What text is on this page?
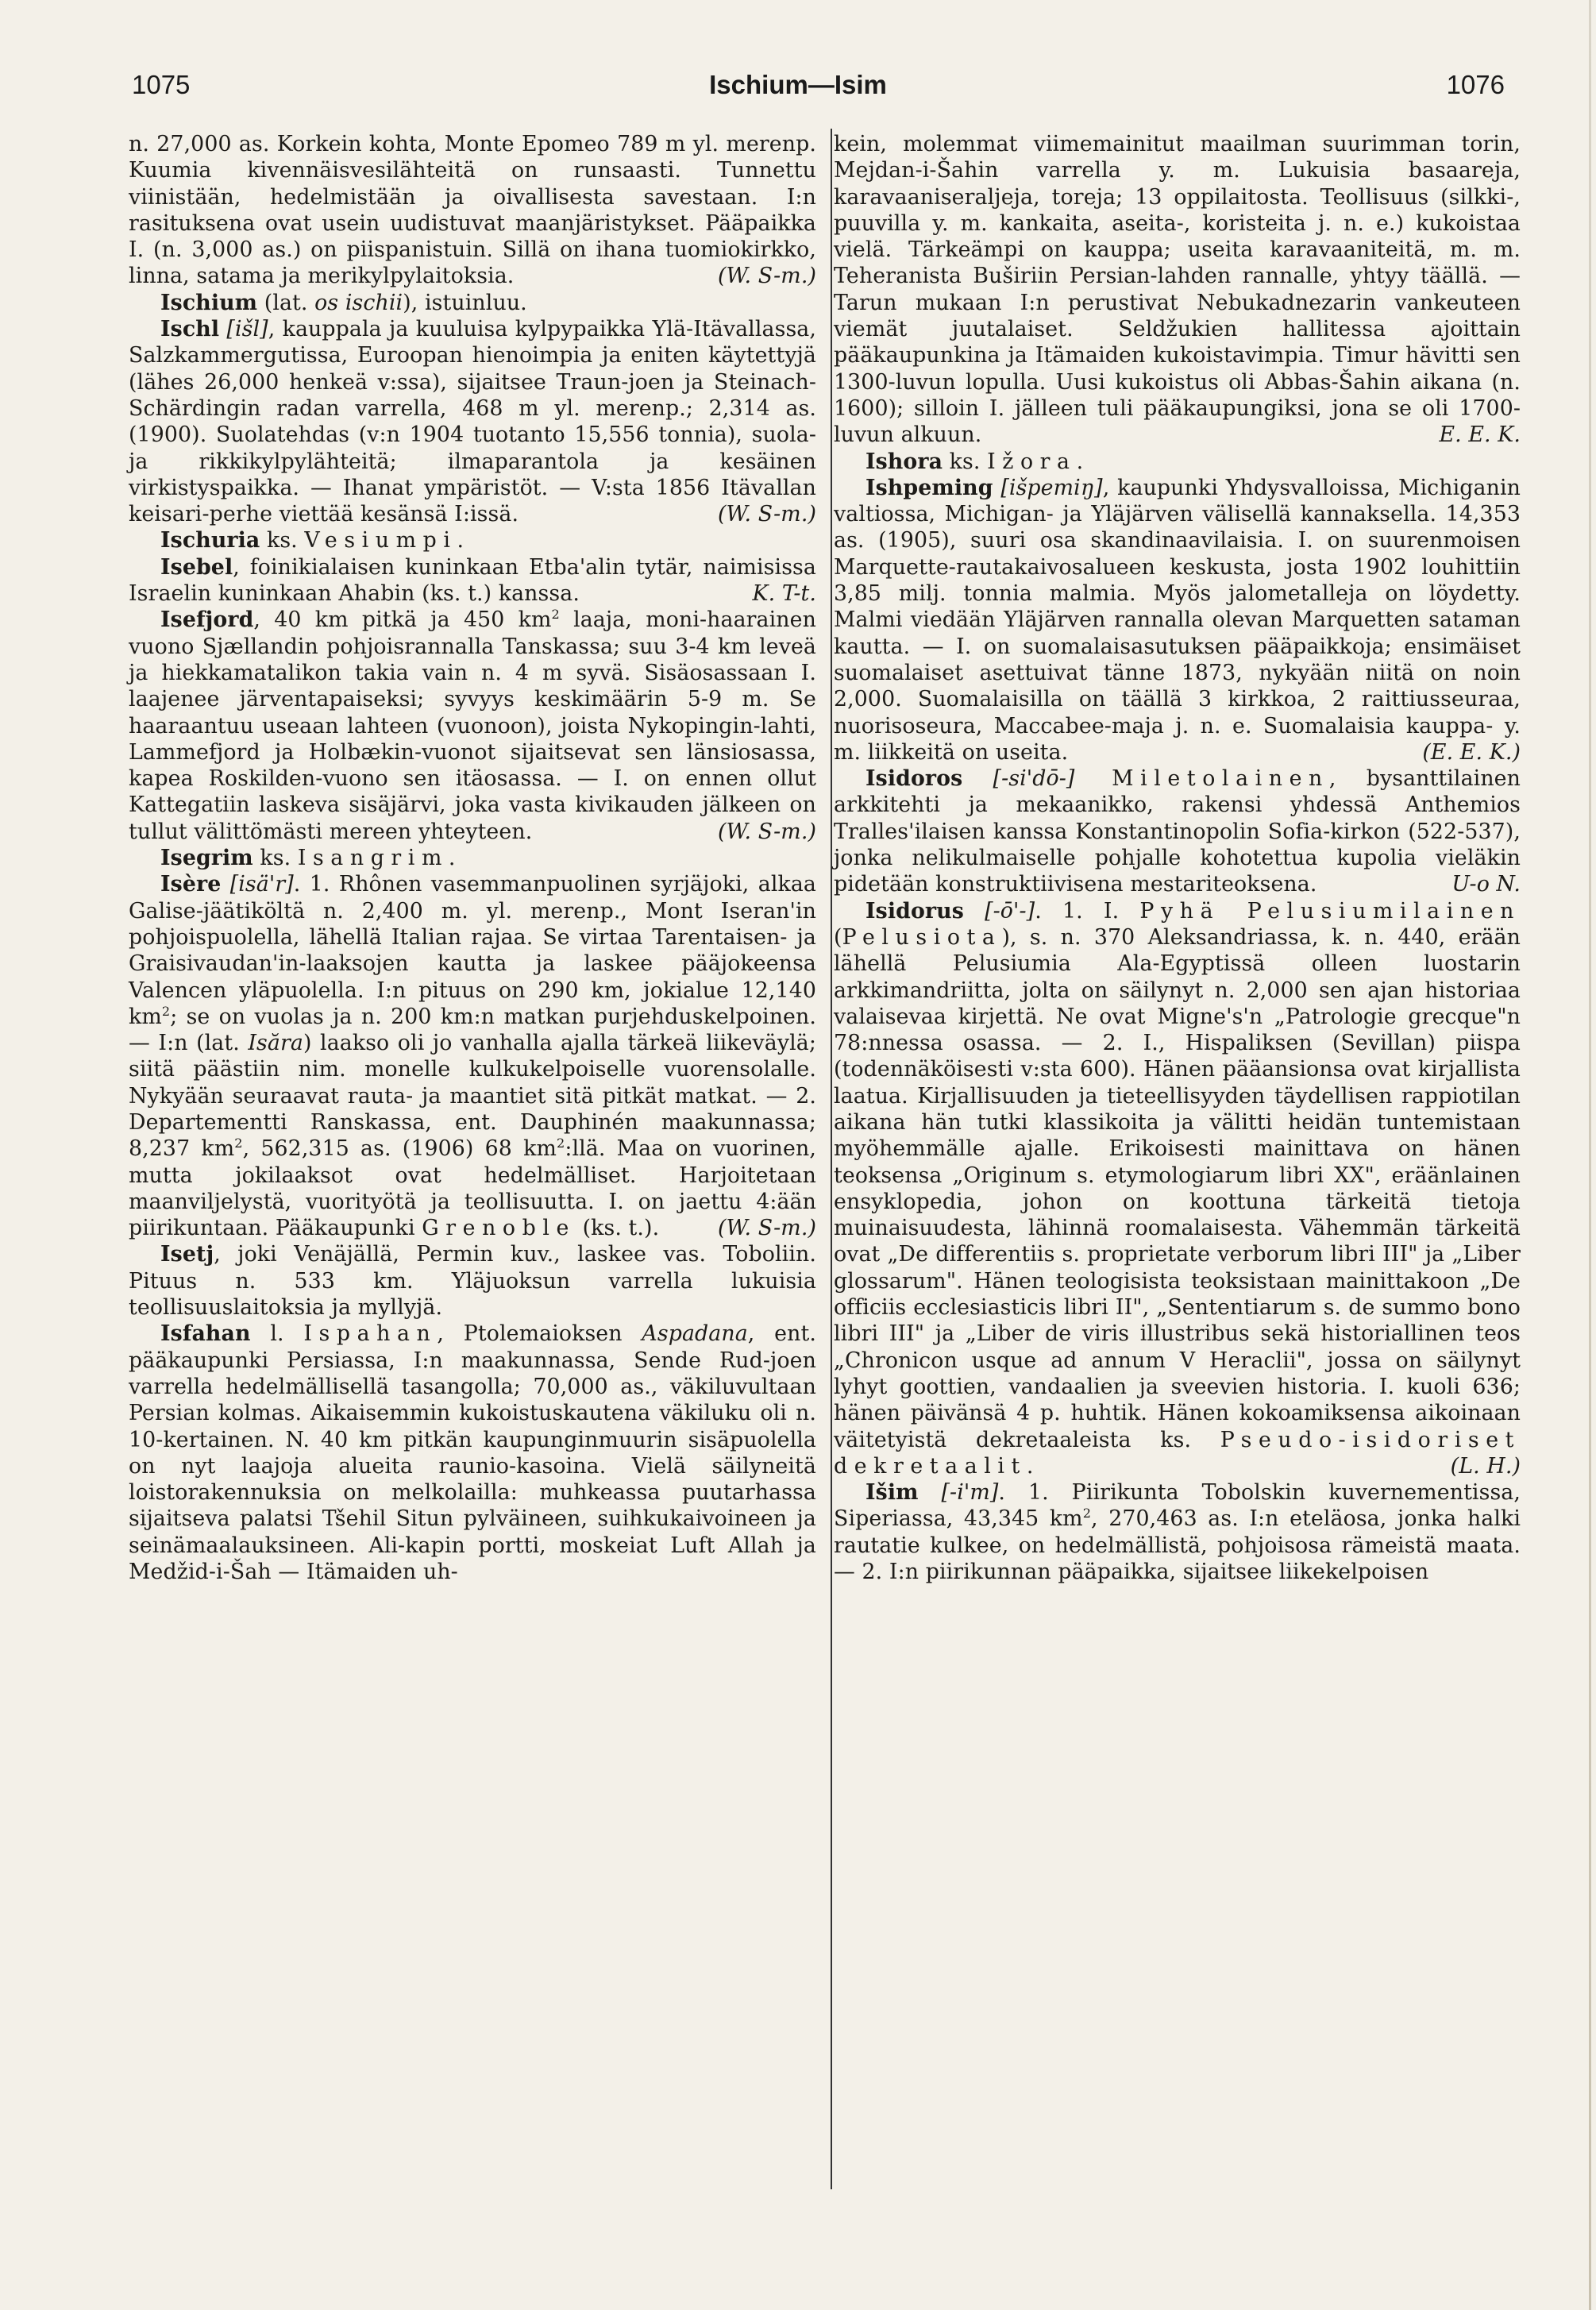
1075	Ischium—Isim	1076

n. 27,000 as. Korkein kohta, Monte Epomeo 789 m yl. merenp. Kuumia kivennäisvesilähteitä on runsaasti. Tunnettu viinistään, hedelmistään ja oivallisesta savestaan. I:n rasituksena ovat usein uudistuvat maanjäristykset. Pääpaikka I. (n. 3,000 as.) on piispanistuin. Sillä on ihana tuomiokirkko, linna, satama ja merikylpylaitoksia.	(W. S-m.)

Ischium (lat. os ischii), istuinluu.

Ischl [išl], kauppala ja kuuluisa kylpypaikka Ylä-Itävallassa, Salzkammergutissa, Euroopan hienoimpia ja eniten käytettyjä (lähes 26,000 henkeä v:ssa), sijaitsee Traun-joen ja Steinach-Schärdingin radan varrella, 468 m yl. merenp.; 2,314 as. (1900). Suolatehdas (v:n 1904 tuotanto 15,556 tonnia), suola- ja rikkikylpylähteitä; ilmaparantola ja kesäinen virkistyspaikka. — Ihanat ympäristöt. — V:sta 1856 Itävallan keisari-perhe viettää kesänsä I:issä.	(W. S-m.)

Ischuria ks. Vesiumpi.

Isebel, foinikialaisen kuninkaan Etba'alin tytär, naimisissa Israelin kuninkaan Ahabin (ks. t.) kanssa.	K. T-t.

Isefjord, 40 km pitkä ja 450 $km^2$ laaja, moni-haarainen vuono Sjællandin pohjoisrannalla Tanskassa; suu 3-4 km leveä ja hiekkamatalikon takia vain n. 4 m syvä. Sisäosassaan I. laajenee järventapaiseksi; syvyys keskimäärin 5-9 m. Se haaraantuu useaan lahteen (vuonoon), joista Nykopingin-lahti, Lammefjord ja Holbækin-vuonot sijaitsevat sen länsiosassa, kapea Roskilden-vuono sen itäosassa. — I. on ennen ollut Kattegatiin laskeva sisäjärvi, joka vasta kivikauden jälkeen on tullut välittömästi mereen yhteyteen.	(W. S-m.)

Isegrim ks. Isangrim.

Isère [isä'r]. 1. Rhônen vasemmanpuolinen syrjäjoki, alkaa Galise-jäätiköltä n. 2,400 m. yl. merenp., Mont Iseran'in pohjoispuolella, lähellä Italian rajaa. Se virtaa Tarentaisen- ja Graisivaudan'in-laaksojen kautta ja laskee pääjokeensa Valencen yläpuolella. I:n pituus on 290 km, jokialue 12,140 $km^2$; se on vuolas ja n. 200 km:n matkan purjehduskelpoinen. — I:n (lat. Isăra) laakso oli jo vanhalla ajalla tärkeä liikeväylä; siitä päästiin nim. monelle kulkukelpoiselle vuorensolalle. Nykyään seuraavat rauta- ja maantiet sitä pitkät matkat. — 2. Departementti Ranskassa, ent. Dauphinén maakunnassa; 8,237 $km^2$, 562,315 as. (1906) 68 $km^2:llä$. Maa on vuorinen, mutta jokilaaksot ovat hedelmälliset. Harjoitetaan maanviljelystä, vuorityötä ja teollisuutta. I. on jaettu 4:ään piirikuntaan. Pääkaupunki Grenoble (ks. t.).	(W. S-m.)

Isetj, joki Venäjällä, Permin kuv., laskee vas. Toboliin. Pituus n. 533 km. Yläjuoksun varrella lukuisia teollisuuslaitoksia ja myllyjä.

Isfahan l. Ispahan, Ptolemaioksen Aspadana, ent. pääkaupunki Persiassa, I:n maakunnassa, Sende Rud-joen varrella hedelmällisellä tasangolla; 70,000 as., väkiluvultaan Persian kolmas. Aikaisemmin kukoistuskautena väkiluku oli n. 10-kertainen. N. 40 km pitkän kaupunginmuurin sisäpuolella on nyt laajoja alueita raunio-kasoina. Vielä säilyneitä loistorakennuksia on melkolailla: muhkeassa puutarhassa sijaitseva palatsi Tšehil Situn pylväineen, suihkukaivoineen ja seinämaalauksineen. Ali-kapin portti, moskeiat Luft Allah ja Medžid-i-Šah — Itämaiden uh-

kein, molemmat viimemainitut maailman suurimman torin, Mejdan-i-Šahin varrella y. m. Lukuisia basaareja, karavaaniseraljeja, toreja; 13 oppilaitosta. Teollisuus (silkki-, puuvilla y. m. kankaita, aseita-, koristeita j. n. e.) kukoistaa vielä. Tärkeämpi on kauppa; useita karavaaniteitä, m. m. Teheranista Buširiin Persian-lahden rannalle, yhtyy täällä. — Tarun mukaan I:n perustivat Nebukadnezarin vankeuteen viemät juutalaiset. Seldžukien hallitessa ajoittain pääkaupunkina ja Itämaiden kukoistavimpia. Timur hävitti sen 1300-luvun lopulla. Uusi kukoistus oli Abbas-Šahin aikana (n. 1600); silloin I. jälleen tuli pääkaupungiksi, jona se oli 1700-luvun alkuun.	E. E. K.

Ishora ks. Ižora.

Ishpeming [išpemiŋ], kaupunki Yhdysvalloissa, Michiganin valtiossa, Michigan- ja Yläjärven välisellä kannaksella. 14,353 as. (1905), suuri osa skandinaavilaisia. I. on suurenmoisen Marquette-rautakaivosalueen keskusta, josta 1902 louhittiin 3,85 milj. tonnia malmia. Myös jalometalleja on löydetty. Malmi viedään Yläjärven rannalla olevan Marquetten sataman kautta. — I. on suomalaisasutuksen pääpaikkoja; ensimäiset suomalaiset asettuivat tänne 1873, nykyään niitä on noin 2,000. Suomalaisilla on täällä 3 kirkkoa, 2 raittiusseuraa, nuorisoseura, Maccabee-maja j. n. e. Suomalaisia kauppa- y. m. liikkeitä on useita.	(E. E. K.)

Isidoros [-si'dō-] Miletolainen, bysanttilainen arkkitehti ja mekaanikko, rakensi yhdessä Anthemios Tralles'ilaisen kanssa Konstantinopolin Sofia-kirkon (522-537), jonka nelikulmaiselle pohjalle kohotettua kupolia vieläkin pidetään konstruktiivisena mestariteoksena.	U-o N.

Isidorus [-ō'-]. 1. I. Pyhä Pelusiumilainen (Pelusiota), s. n. 370 Aleksandriassa, k. n. 440, erään lähellä Pelusiumia Ala-Egyptissä olleen luostarin arkkimandriitta, jolta on säilynyt n. 2,000 sen ajan historiaa valaisevaa kirjettä. Ne ovat Migne's'n „Patrologie grecque"n 78:nnessa osassa. — 2. I., Hispaliksen (Sevillan) piispa (todennäköisesti v:sta 600). Hänen pääansionsa ovat kirjallista laatua. Kirjallisuuden ja tieteellisyyden täydellisen rappiotilan aikana hän tutki klassikoita ja välitti heidän tuntemistaan myöhemmälle ajalle. Erikoisesti mainittava on hänen teoksensa „Originum s. etymologiarum libri XX", eräänlainen ensyklopedia, johon on koottuna tärkeitä tietoja muinaisuudesta, lähinnä roomalaisesta. Vähemmän tärkeitä ovat „De differentiis s. proprietate verborum libri III" ja „Liber glossarum". Hänen teologisista teoksistaan mainittakoon „De officiis ecclesiasticis libri II", „Sententiarum s. de summo bono libri III" ja „Liber de viris illustribus sekä historiallinen teos „Chronicon usque ad annum V Heraclii", jossa on säilynyt lyhyt goottien, vandaalien ja sveevien historia. I. kuoli 636; hänen päivänsä 4 p. huhtik. Hänen kokoamiksensa aikoinaan väitetyistä dekretaaleista ks. Pseudo-isidoriset dekretaalit.	(L. H.)

Išim [-i'm]. 1. Piirikunta Tobolskin kuvernementissa, Siperiassa, 43,345 $km^2$, 270,463 as. I:n eteläosa, jonka halki rautatie kulkee, on hedelmällistä, pohjoisosa rämeistä maata. — 2. I:n piirikunnan pääpaikka, sijaitsee liikekelpoisen
